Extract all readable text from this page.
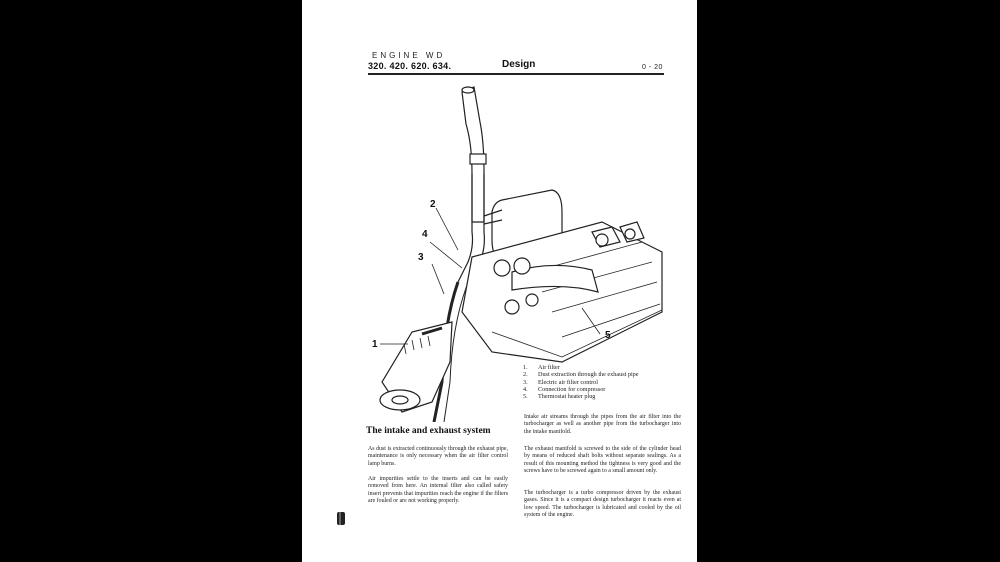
ENGINE WD
320. 420. 620. 634.	Design	0 - 20
1
2
3
4
5
1.	Air filter
2.	Dust extraction through the exhaust pipe
3.	Electric air filter control
4.	Connection for compressor
5.	Thermostat heater plug
The intake and exhaust system
As dust is extracted continuously through the exhaust pipe, maintenance is only necessary when the air filter control lamp burns.
Air impurities settle to the inserts and can be easily removed from here. An internal filter also called safety insert prevents that impurities reach the engine if the filters are fouled or are not working properly.
Intake air streams through the pipes from the air filter into the turbocharger as well as another pipe from the turbocharger into the intake manifold.
The exhaust manifold is screwed to the side of the cylinder head by means of reduced shaft bolts without separate sealings. As a result of this mounting method the tightness is very good and the screws have to be screwed again to a small amount only.
The turbocharger is a turbo compressor driven by the exhaust gases. Since it is a compact design turbocharger it reacts even at low speed. The turbocharger is lubricated and cooled by the oil system of the engine.
